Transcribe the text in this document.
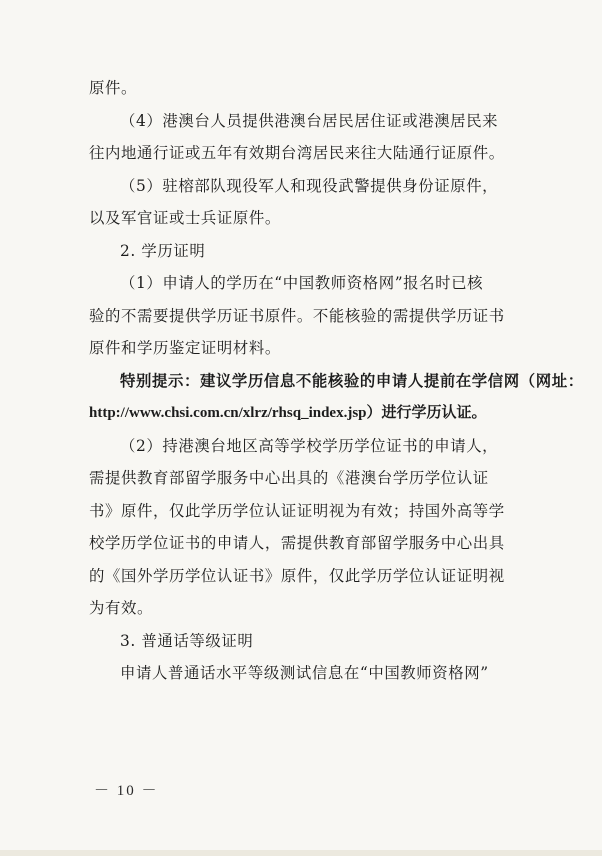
原件。
（4）港澳台人员提供港澳台居民居住证或港澳居民来
往内地通行证或五年有效期台湾居民来往大陆通行证原件。
（5）驻榕部队现役军人和现役武警提供身份证原件，
以及军官证或士兵证原件。
2. 学历证明
（1）申请人的学历在“中国教师资格网”报名时已核
验的不需要提供学历证书原件。不能核验的需提供学历证书
原件和学历鉴定证明材料。
特别提示：建议学历信息不能核验的申请人提前在学信网（网址：
http://www.chsi.com.cn/xlrz/rhsq_index.jsp）进行学历认证。
（2）持港澳台地区高等学校学历学位证书的申请人，
需提供教育部留学服务中心出具的《港澳台学历学位认证
书》原件，仅此学历学位认证证明视为有效；持国外高等学
校学历学位证书的申请人，需提供教育部留学服务中心出具
的《国外学历学位认证书》原件，仅此学历学位认证证明视
为有效。
3. 普通话等级证明
申请人普通话水平等级测试信息在“中国教师资格网”
－ 10 －
